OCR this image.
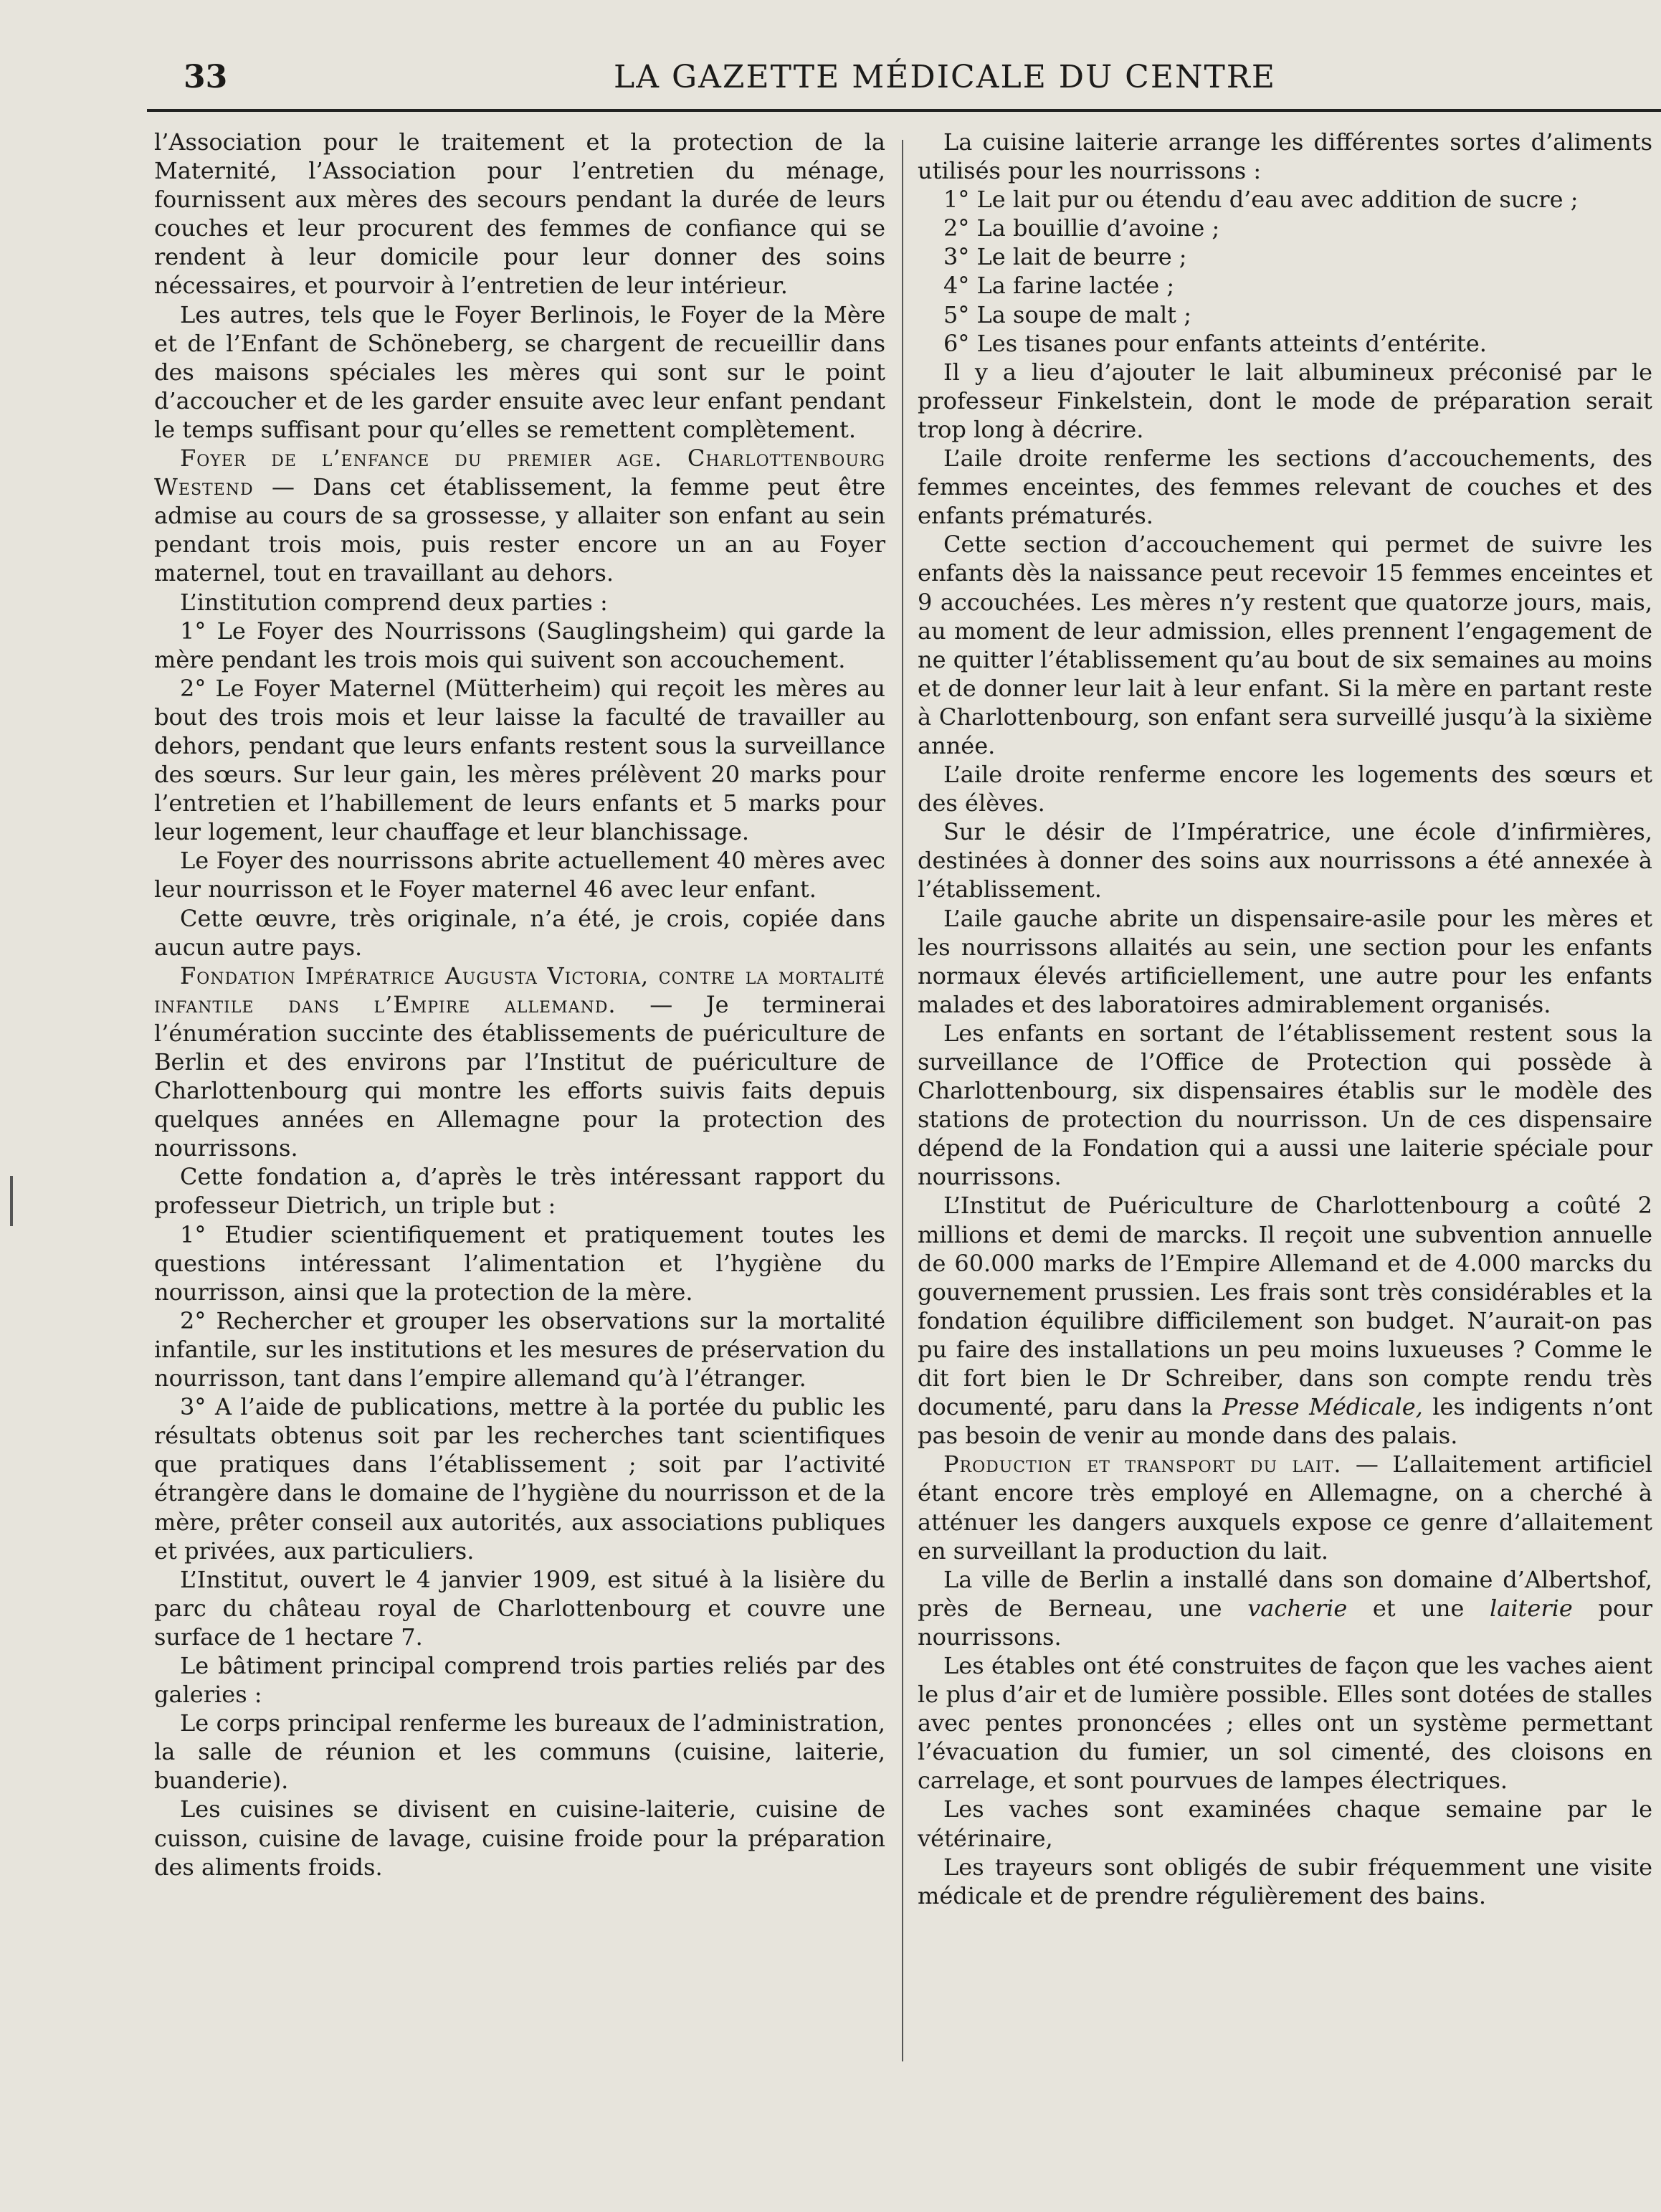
33	LA GAZETTE MÉDICALE DU CENTRE

l’Association pour le traitement et la protection de la Maternité, l’Association pour l’entretien du ménage, fournissent aux mères des secours pendant la durée de leurs couches et leur procurent des femmes de confiance qui se rendent à leur domicile pour leur donner des soins nécessaires, et pourvoir à l’entretien de leur intérieur.

Les autres, tels que le Foyer Berlinois, le Foyer de la Mère et de l’Enfant de Schöneberg, se chargent de recueillir dans des maisons spéciales les mères qui sont sur le point d’accoucher et de les garder ensuite avec leur enfant pendant le temps suffisant pour qu’elles se remettent complètement.

Foyer de l’enfance du premier age. Charlottenbourg Westend — Dans cet établissement, la femme peut être admise au cours de sa grossesse, y allaiter son enfant au sein pendant trois mois, puis rester encore un an au Foyer maternel, tout en travaillant au dehors.

L’institution comprend deux parties :

1° Le Foyer des Nourrissons (Sauglingsheim) qui garde la mère pendant les trois mois qui suivent son accouchement.

2° Le Foyer Maternel (Mütterheim) qui reçoit les mères au bout des trois mois et leur laisse la faculté de travailler au dehors, pendant que leurs enfants restent sous la surveillance des sœurs. Sur leur gain, les mères prélèvent 20 marks pour l’entretien et l’habillement de leurs enfants et 5 marks pour leur logement, leur chauffage et leur blanchissage.

Le Foyer des nourrissons abrite actuellement 40 mères avec leur nourrisson et le Foyer maternel 46 avec leur enfant.

Cette œuvre, très originale, n’a été, je crois, copiée dans aucun autre pays.

Fondation Impératrice Augusta Victoria, contre la mortalité infantile dans l’Empire allemand. — Je terminerai l’énumération succinte des établissements de puériculture de Berlin et des environs par l’Institut de puériculture de Charlottenbourg qui montre les efforts suivis faits depuis quelques années en Allemagne pour la protection des nourrissons.

Cette fondation a, d’après le très intéressant rapport du professeur Dietrich, un triple but :

1° Etudier scientifiquement et pratiquement toutes les questions intéressant l’alimentation et l’hygiène du nourrisson, ainsi que la protection de la mère.

2° Rechercher et grouper les observations sur la mortalité infantile, sur les institutions et les mesures de préservation du nourrisson, tant dans l’empire allemand qu’à l’étranger.

3° A l’aide de publications, mettre à la portée du public les résultats obtenus soit par les recherches tant scientifiques que pratiques dans l’établissement ; soit par l’activité étrangère dans le domaine de l’hygiène du nourrisson et de la mère, prêter conseil aux autorités, aux associations publiques et privées, aux particuliers.

L’Institut, ouvert le 4 janvier 1909, est situé à la lisière du parc du château royal de Charlottenbourg et couvre une surface de 1 hectare 7.

Le bâtiment principal comprend trois parties reliés par des galeries :

Le corps principal renferme les bureaux de l’administration, la salle de réunion et les communs (cuisine, laiterie, buanderie).

Les cuisines se divisent en cuisine-laiterie, cuisine de cuisson, cuisine de lavage, cuisine froide pour la préparation des aliments froids.

La cuisine laiterie arrange les différentes sortes d’aliments utilisés pour les nourrissons :

1° Le lait pur ou étendu d’eau avec addition de sucre ;

2° La bouillie d’avoine ;

3° Le lait de beurre ;

4° La farine lactée ;

5° La soupe de malt ;

6° Les tisanes pour enfants atteints d’entérite.

Il y a lieu d’ajouter le lait albumineux préconisé par le professeur Finkelstein, dont le mode de préparation serait trop long à décrire.

L’aile droite renferme les sections d’accouchements, des femmes enceintes, des femmes relevant de couches et des enfants prématurés.

Cette section d’accouchement qui permet de suivre les enfants dès la naissance peut recevoir 15 femmes enceintes et 9 accouchées. Les mères n’y restent que quatorze jours, mais, au moment de leur admission, elles prennent l’engagement de ne quitter l’établissement qu’au bout de six semaines au moins et de donner leur lait à leur enfant. Si la mère en partant reste à Charlottenbourg, son enfant sera surveillé jusqu’à la sixième année.

L’aile droite renferme encore les logements des sœurs et des élèves.

Sur le désir de l’Impératrice, une école d’infirmières, destinées à donner des soins aux nourrissons a été annexée à l’établissement.

L’aile gauche abrite un dispensaire-asile pour les mères et les nourrissons allaités au sein, une section pour les enfants normaux élevés artificiellement, une autre pour les enfants malades et des laboratoires admirablement organisés.

Les enfants en sortant de l’établissement restent sous la surveillance de l’Office de Protection qui possède à Charlottenbourg, six dispensaires établis sur le modèle des stations de protection du nourrisson. Un de ces dispensaire dépend de la Fondation qui a aussi une laiterie spéciale pour nourrissons.

L’Institut de Puériculture de Charlottenbourg a coûté 2 millions et demi de marcks. Il reçoit une subvention annuelle de 60.000 marks de l’Empire Allemand et de 4.000 marcks du gouvernement prussien. Les frais sont très considérables et la fondation équilibre difficilement son budget. N’aurait-on pas pu faire des installations un peu moins luxueuses ? Comme le dit fort bien le Dr Schreiber, dans son compte rendu très documenté, paru dans la Presse Médicale, les indigents n’ont pas besoin de venir au monde dans des palais.

Production et transport du lait. — L’allaitement artificiel étant encore très employé en Allemagne, on a cherché à atténuer les dangers auxquels expose ce genre d’allaitement en surveillant la production du lait.

La ville de Berlin a installé dans son domaine d’Albertshof, près de Berneau, une vacherie et une laiterie pour nourrissons.

Les étables ont été construites de façon que les vaches aient le plus d’air et de lumière possible. Elles sont dotées de stalles avec pentes prononcées ; elles ont un système permettant l’évacuation du fumier, un sol cimenté, des cloisons en carrelage, et sont pourvues de lampes électriques.

Les vaches sont examinées chaque semaine par le vétérinaire,

Les trayeurs sont obligés de subir fréquemment une visite médicale et de prendre régulièrement des bains.
